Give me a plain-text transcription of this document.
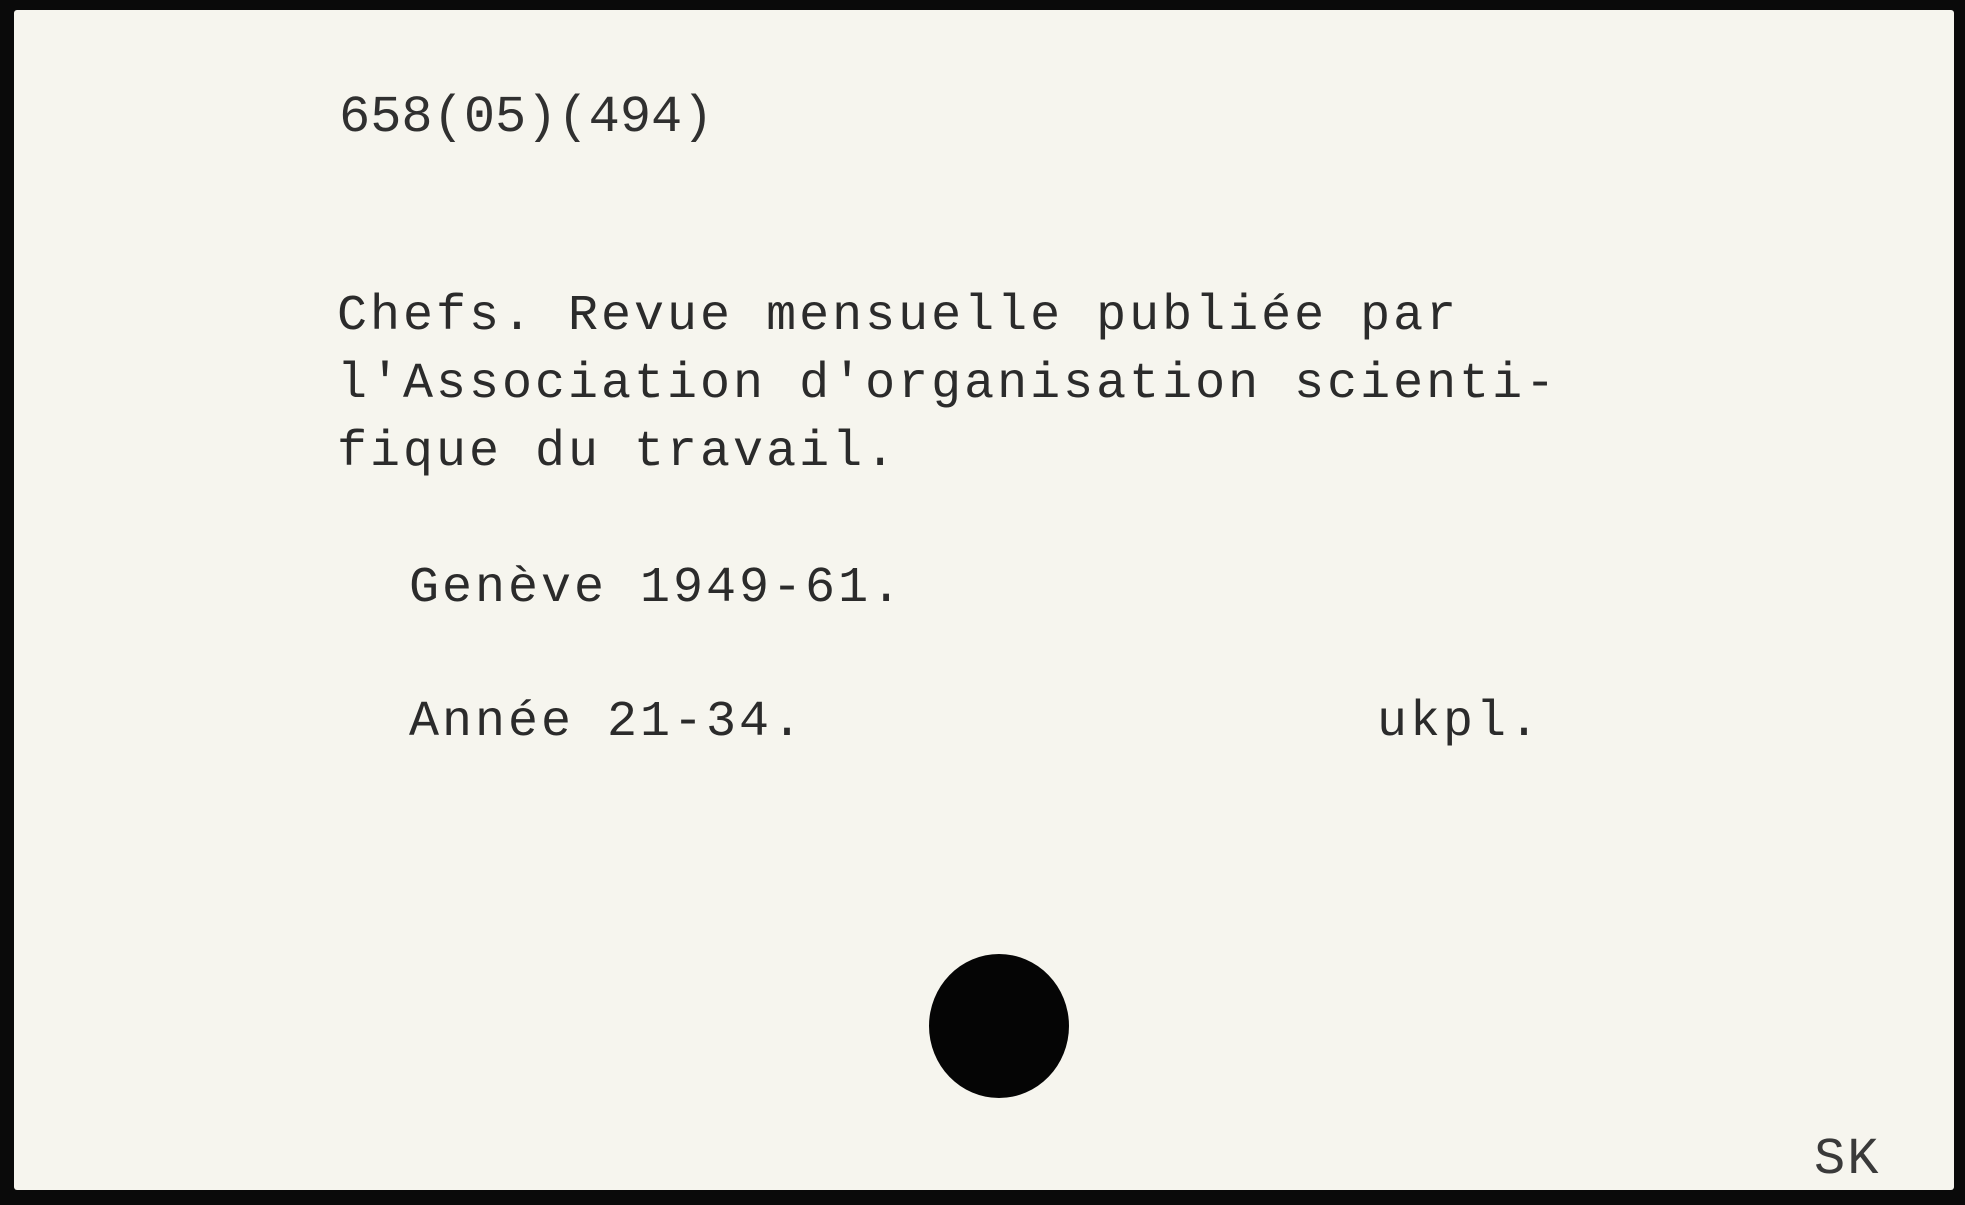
658(05)(494)
Chefs. Revue mensuelle publiée par
l'Association d'organisation scienti-
fique du travail.
Genève 1949-61.
Année 21-34.	ukpl.
SK
